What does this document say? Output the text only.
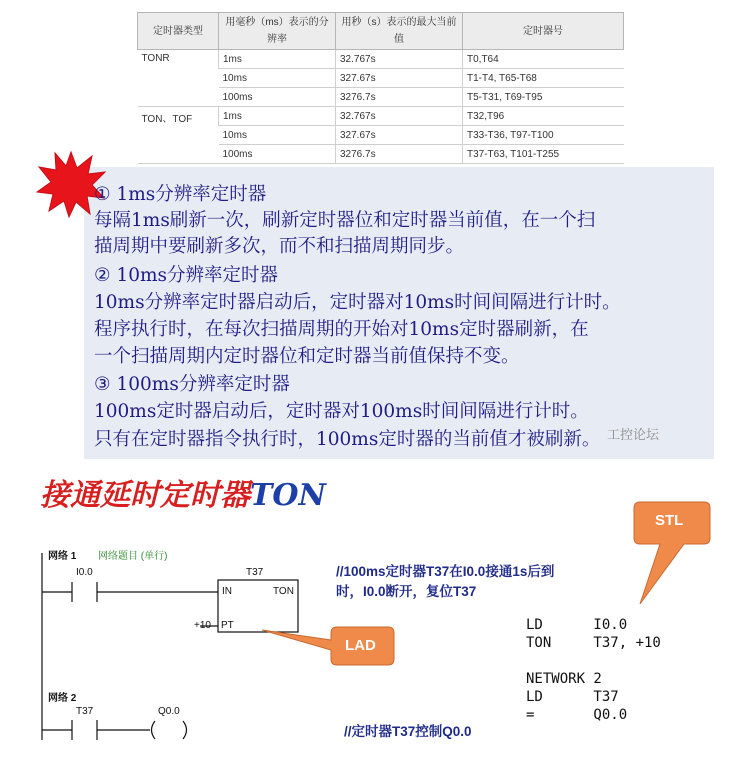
定时器类型	用毫秒（ms）表示的分辨率	用秒（s）表示的最大当前值	定时器号
TONR	1ms	32.767s	T0,T64
	10ms	327.67s	T1-T4, T65-T68
	100ms	3276.7s	T5-T31, T69-T95
TON、TOF	1ms	32.767s	T32,T96
	10ms	327.67s	T33-T36, T97-T100
	100ms	3276.7s	T37-T63, T101-T255
① 1ms分辨率定时器
每隔1ms刷新一次，刷新定时器位和定时器当前值，在一个扫
描周期中要刷新多次，而不和扫描周期同步。
② 10ms分辨率定时器
10ms分辨率定时器启动后，定时器对10ms时间间隔进行计时。
程序执行时，在每次扫描周期的开始对10ms定时器刷新，在
一个扫描周期内定时器位和定时器当前值保持不变。
③ 100ms分辨率定时器
100ms定时器启动后，定时器对100ms时间间隔进行计时。
只有在定时器指令执行时，100ms定时器的当前值才被刷新。 工控论坛
接通延时定时器TON
网络 1 网络题目 (单行)
I0.0	T37
IN	TON
+10 PT
网络 2
T37	Q0.0
//100ms定时器T37在I0.0接通1s后到
时，I0.0断开，复位T37
//定时器T37控制Q0.0
LD      I0.0
TON     T37, +10
NETWORK 2
LD      T37
=       Q0.0
STL
LAD
